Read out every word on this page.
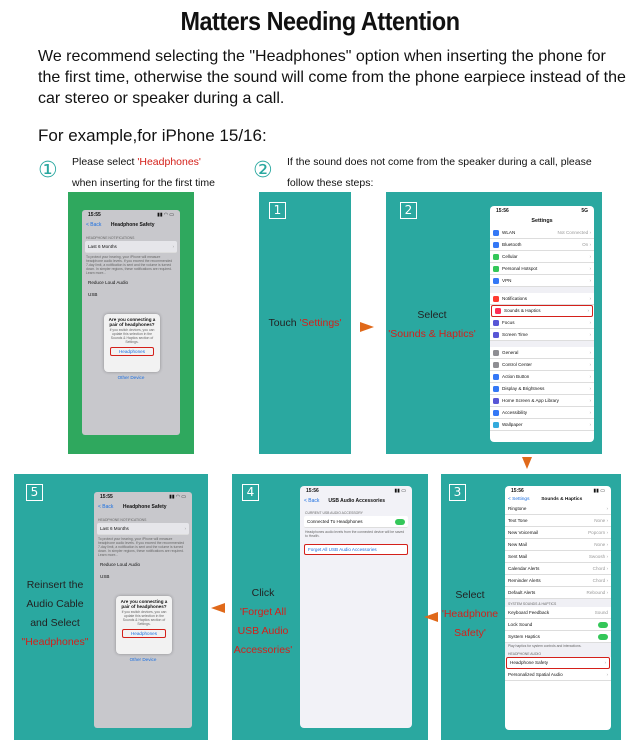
Matters Needing Attention
We recommend selecting the "Headphones" option when inserting the phone for the first time, otherwise the sound will come from the phone earpiece instead of the car stereo or speaker during a call.
For example,for iPhone 15/16:
① Please select 'Headphones'
when inserting for the first time	② If the sound does not come from the speaker during a call, please follow these steps:
15:55	▮▮ ◠ ▭
< Back	Headphone Safety
HEADPHONE NOTIFICATIONS
Last 6 Months	›
To protect your hearing, your iPhone will measure headphone audio levels. If you exceed the recommended 7-day limit, a notification is sent and the volume is turned down. In simpler regions, these notifications are required. Learn more...
Reduce Loud Audio
USB
Are you connecting a pair of headphones?
If you switch devices, you can update this selection in the Sounds & Haptics section of Settings.
Headphones
Other Device
1
Touch 'Settings'
2
Select
'Sounds & Haptics'
15:56	5G
Settings
WLAN	Not Connected ›
Bluetooth	On ›
Cellular	›
Personal Hotspot	›
VPN	›
Notifications	›
Sounds & Haptics	›
Focus	›
Screen Time	›
General	›
Control Center	›
Action Button	›
Display & Brightness	›
Home Screen & App Library	›
Accessibility	›
Wallpaper	›
5
Reinsert the
Audio Cable
and Select
"Headphones"
15:55	▮▮ ◠ ▭
< Back	Headphone Safety
HEADPHONE NOTIFICATIONS
Last 6 Months	›
To protect your hearing, your iPhone will measure headphone audio levels. If you exceed the recommended 7-day limit, a notification is sent and the volume is turned down. In simpler regions, these notifications are required. Learn more...
Reduce Loud Audio
USB
Are you connecting a pair of headphones?
If you switch devices, you can update this selection in the Sounds & Haptics section of Settings.
Headphones
Other Device
4
Click
'Forget All
USB Audio
Accessories'
15:56	▮▮ ▭
< Back	USB Audio Accessories
CURRENT USB AUDIO ACCESSORY
Connected To Headphones
Headphones audio levels from the connected device will be saved to Health.
Forget All USB Audio Accessories
3
Select
'Headphone
Safety'
15:56	▮▮ ▭
< Settings	Sounds & Haptics
Ringtone	›
Text Tone	None ›
New Voicemail	Popcorn ›
New Mail	None ›
Sent Mail	Swoosh ›
Calendar Alerts	Chord ›
Reminder Alerts	Chord ›
Default Alerts	Rebound ›
SYSTEM SOUNDS & HAPTICS
Keyboard Feedback	Sound
Lock Sound
System Haptics
Play haptics for system controls and interactions.
HEADPHONE AUDIO
Headphone Safety	›
Personalized Spatial Audio	›
